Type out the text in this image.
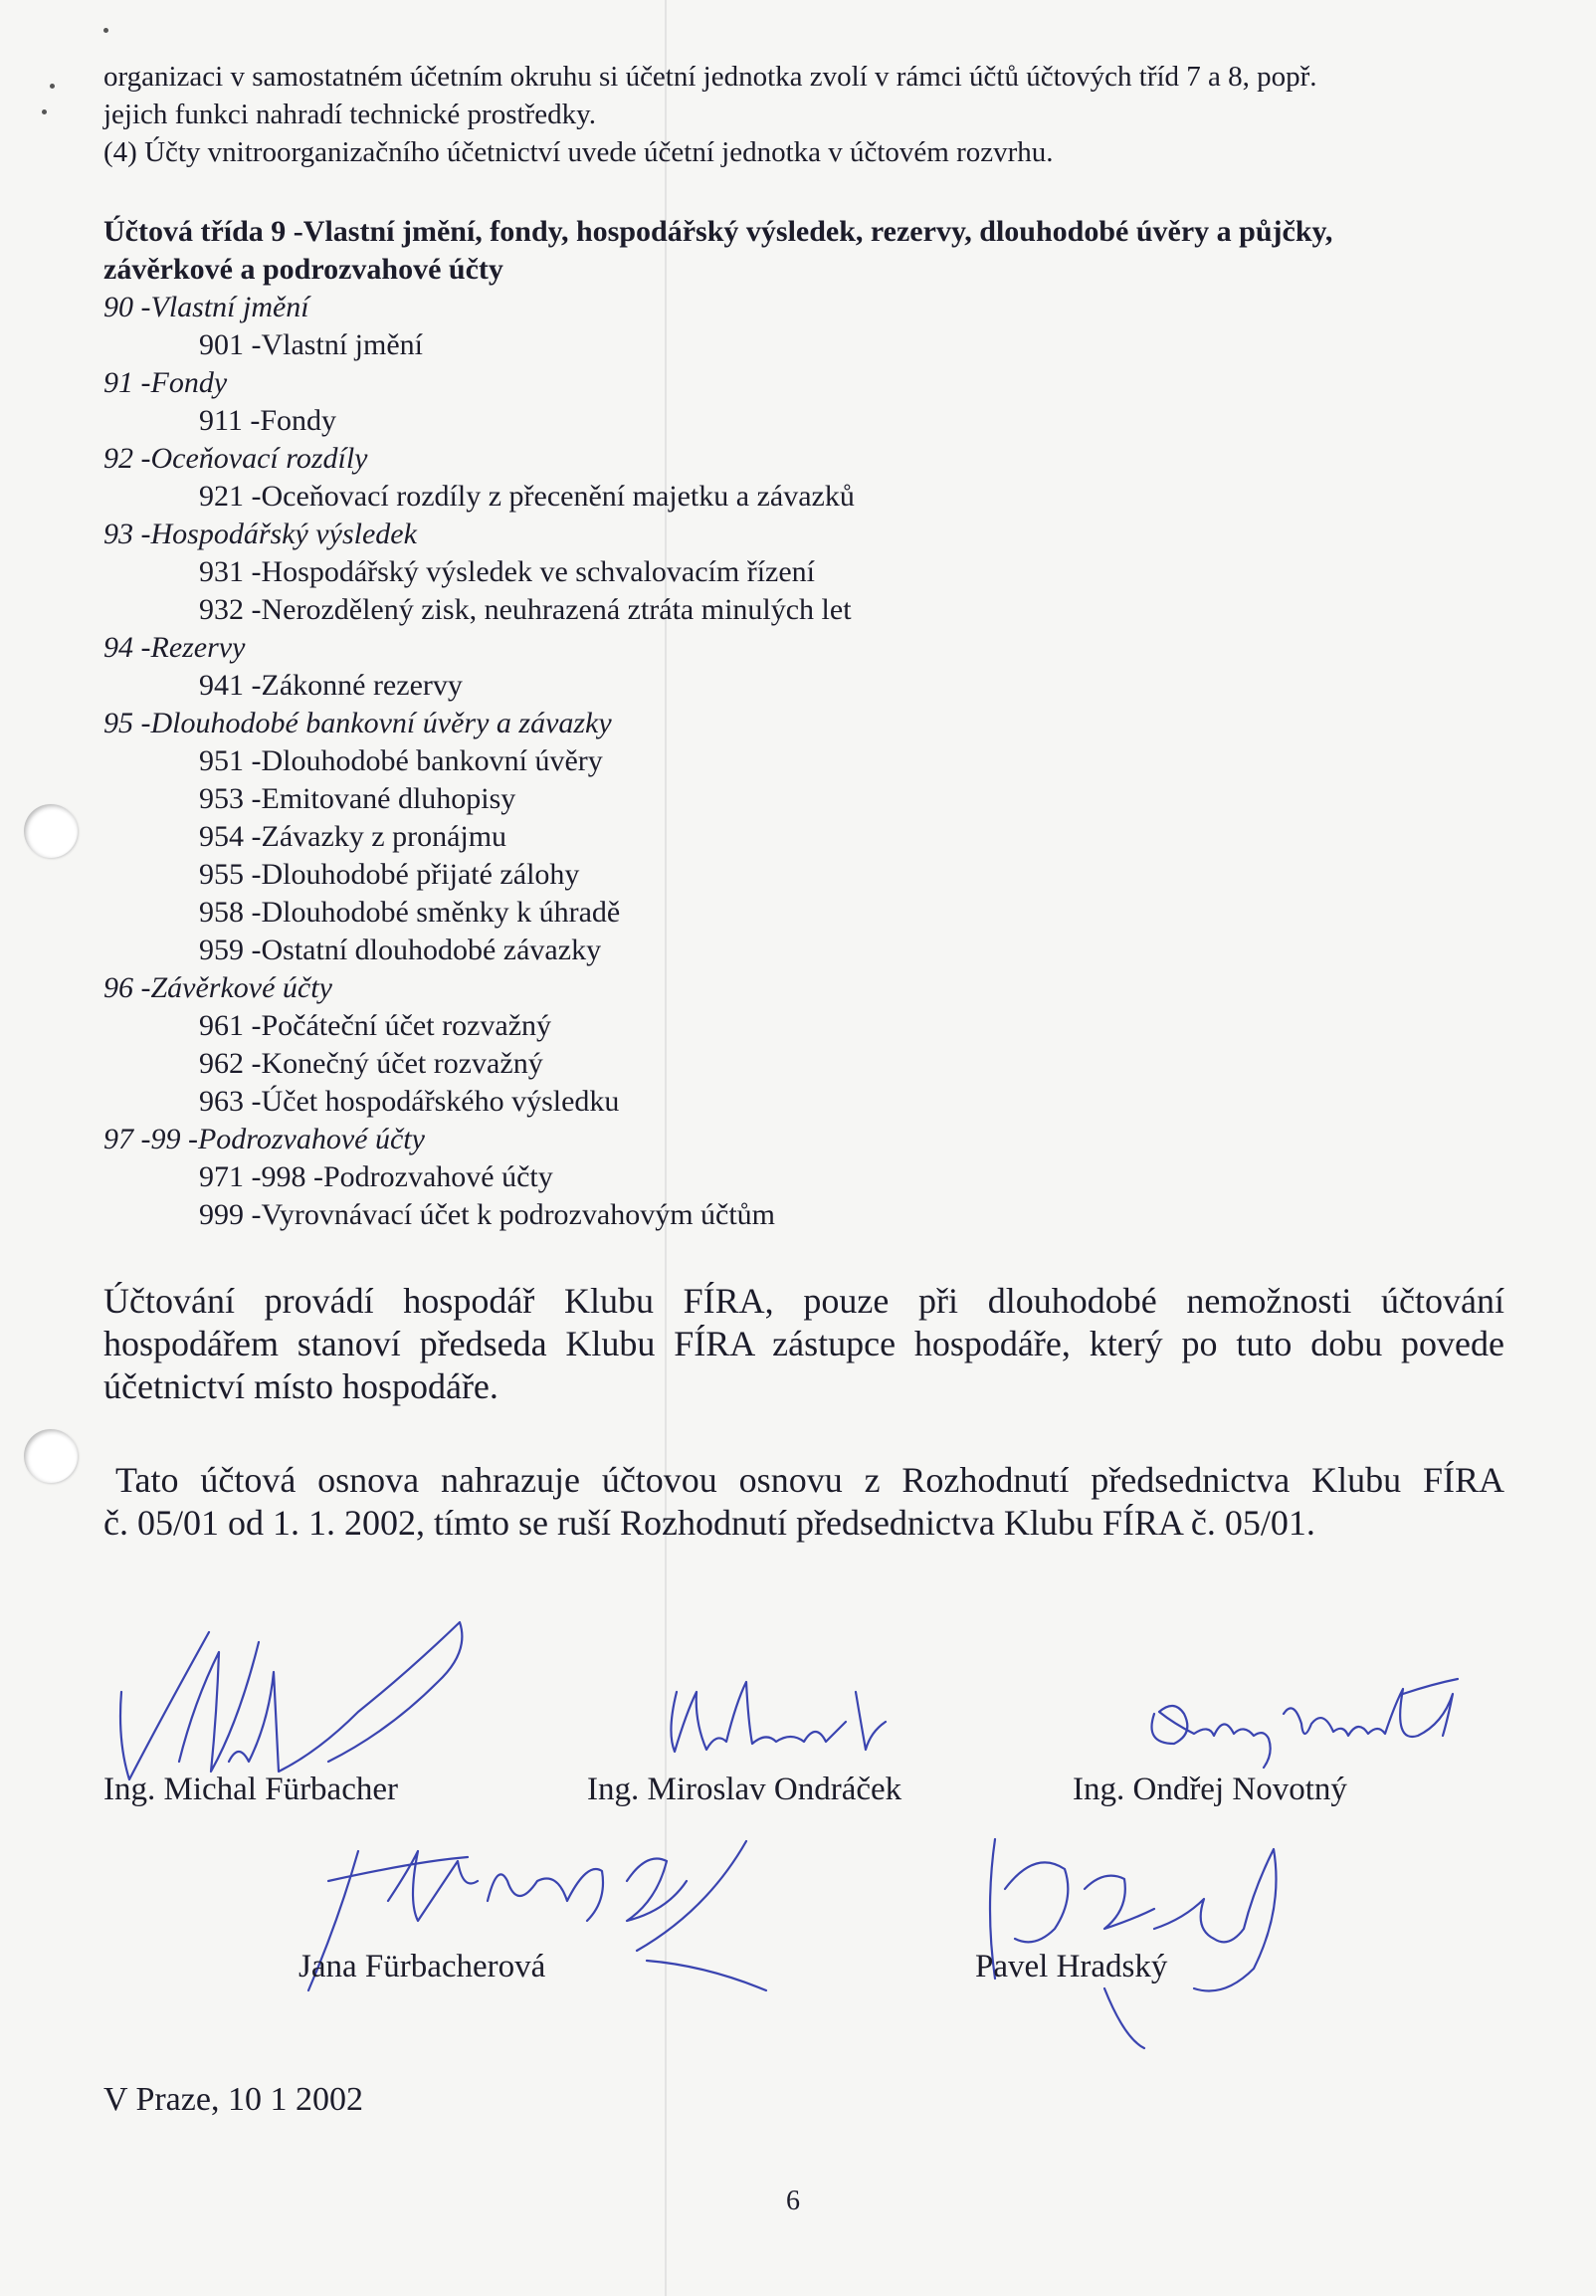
organizaci v samostatném účetním okruhu si účetní jednotka zvolí v rámci účtů účtových tříd 7 a 8, popř.
jejich funkci nahradí technické prostředky.
(4) Účty vnitroorganizačního účetnictví uvede účetní jednotka v účtovém rozvrhu.
Účtová třída 9 -Vlastní jmění, fondy, hospodářský výsledek, rezervy, dlouhodobé úvěry a půjčky,
závěrkové a podrozvahové účty
90 -Vlastní jmění
901 -Vlastní jmění
91 -Fondy
911 -Fondy
92 -Oceňovací rozdíly
921 -Oceňovací rozdíly z přecenění majetku a závazků
93 -Hospodářský výsledek
931 -Hospodářský výsledek ve schvalovacím řízení
932 -Nerozdělený zisk, neuhrazená ztráta minulých let
94 -Rezervy
941 -Zákonné rezervy
95 -Dlouhodobé bankovní úvěry a závazky
951 -Dlouhodobé bankovní úvěry
953 -Emitované dluhopisy
954 -Závazky z pronájmu
955 -Dlouhodobé přijaté zálohy
958 -Dlouhodobé směnky k úhradě
959 -Ostatní dlouhodobé závazky
96 -Závěrkové účty
961 -Počáteční účet rozvažný
962 -Konečný účet rozvažný
963 -Účet hospodářského výsledku
97 -99 -Podrozvahové účty
971 -998 -Podrozvahové účty
999 -Vyrovnávací účet k podrozvahovým účtům
Účtování provádí hospodář Klubu FÍRA, pouze při dlouhodobé nemožnosti účtování
hospodářem stanoví předseda Klubu FÍRA zástupce hospodáře, který po tuto dobu povede
účetnictví místo hospodáře.
Tato účtová osnova nahrazuje účtovou osnovu z Rozhodnutí předsednictva Klubu FÍRA
č. 05/01 od 1. 1. 2002, tímto se ruší Rozhodnutí předsednictva Klubu FÍRA č. 05/01.
Ing. Michal Fürbacher	Ing. Miroslav Ondráček	Ing. Ondřej Novotný
Jana Fürbacherová	Pavel Hradský
V Praze, 10 1 2002
6
